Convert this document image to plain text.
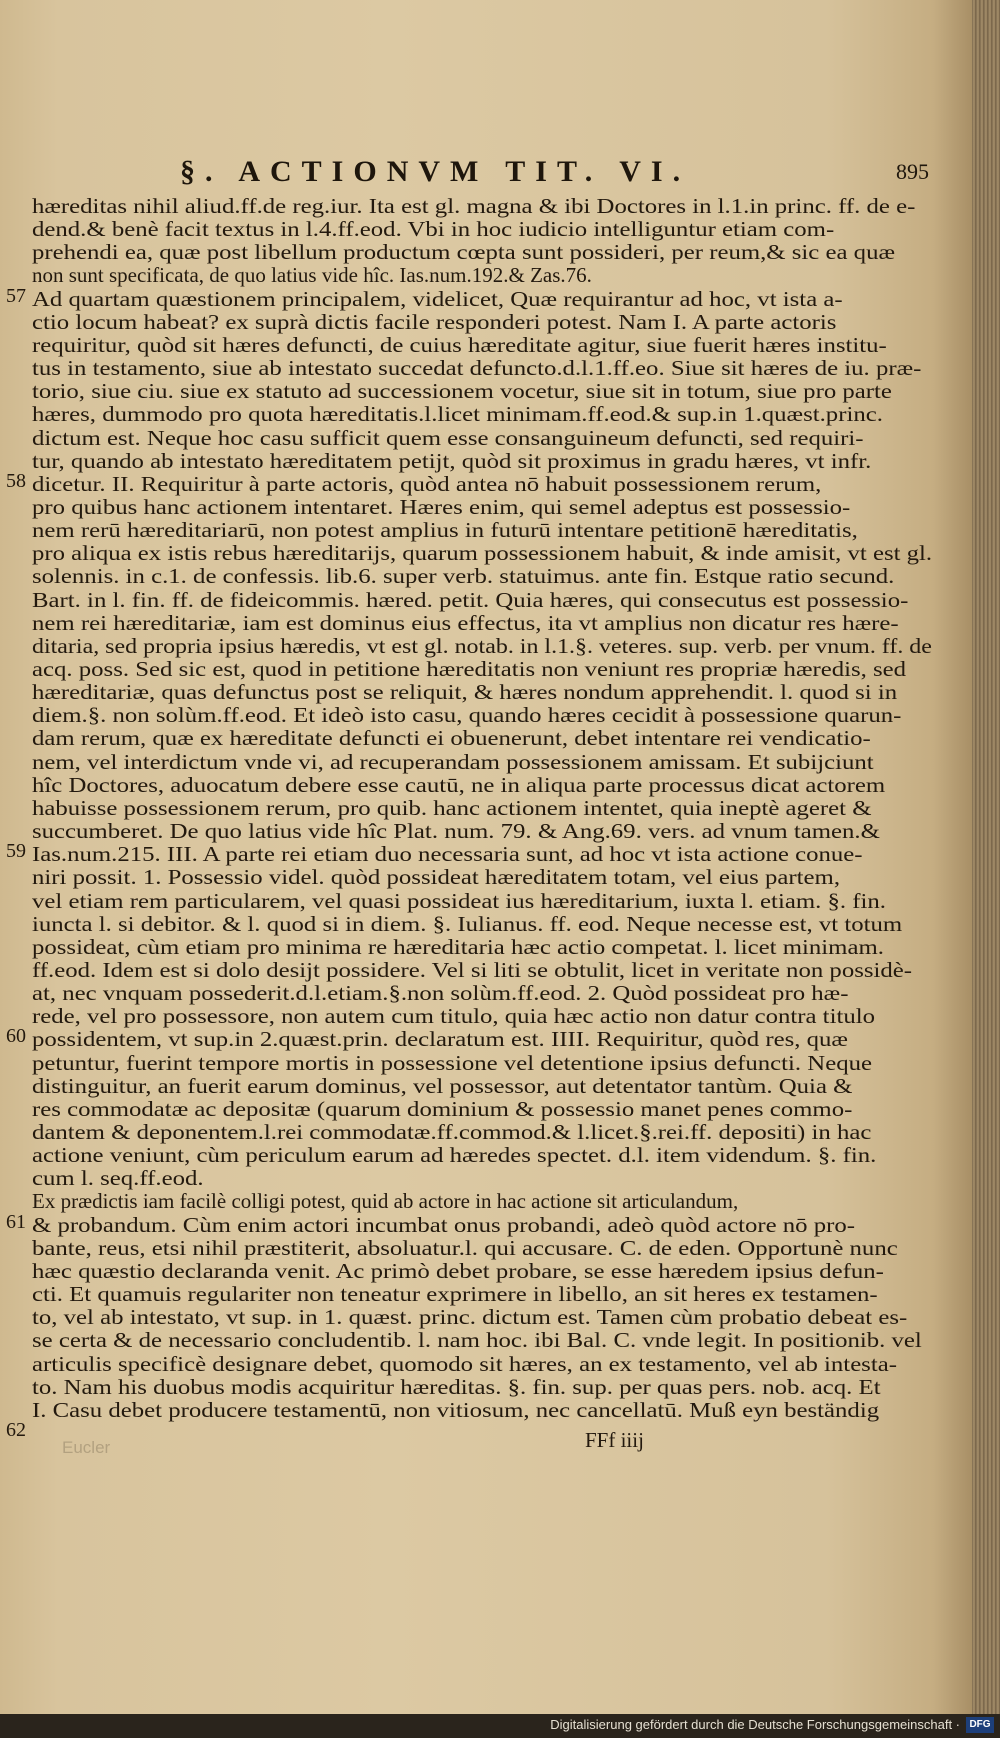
§. ACTIONVM TIT. VI.	895
hæreditas nihil aliud.ff.de reg.iur. Ita est gl. magna & ibi Doctores in l.1.in princ. ff. de e-
dend.& benè facit textus in l.4.ff.eod. Vbi in hoc iudicio intelliguntur etiam com-
prehendi ea, quæ post libellum productum cœpta sunt possideri, per reum,& sic ea quæ
non sunt specificata, de quo latius vide hîc. Ias.num.192.& Zas.76.
Ad quartam quæstionem principalem, videlicet, Quæ requirantur ad hoc, vt ista a-
ctio locum habeat? ex suprà dictis facile responderi potest. Nam I. A parte actoris
requiritur, quòd sit hæres defuncti, de cuius hæreditate agitur, siue fuerit hæres institu-
tus in testamento, siue ab intestato succedat defuncto.d.l.1.ff.eo. Siue sit hæres de iu. præ-
torio, siue ciu. siue ex statuto ad successionem vocetur, siue sit in totum, siue pro parte
hæres, dummodo pro quota hæreditatis.l.licet minimam.ff.eod.& sup.in 1.quæst.princ.
dictum est. Neque hoc casu sufficit quem esse consanguineum defuncti, sed requiri-
tur, quando ab intestato hæreditatem petijt, quòd sit proximus in gradu hæres, vt infr.
dicetur. II. Requiritur à parte actoris, quòd antea nō habuit possessionem rerum,
pro quibus hanc actionem intentaret. Hæres enim, qui semel adeptus est possessio-
nem rerū hæreditariarū, non potest amplius in futurū intentare petitionē hæreditatis,
pro aliqua ex istis rebus hæreditarijs, quarum possessionem habuit, & inde amisit, vt est gl.
solennis. in c.1. de confessis. lib.6. super verb. statuimus. ante fin. Estque ratio secund.
Bart. in l. fin. ff. de fideicommis. hæred. petit. Quia hæres, qui consecutus est possessio-
nem rei hæreditariæ, iam est dominus eius effectus, ita vt amplius non dicatur res hære-
ditaria, sed propria ipsius hæredis, vt est gl. notab. in l.1.§. veteres. sup. verb. per vnum. ff. de
acq. poss. Sed sic est, quod in petitione hæreditatis non veniunt res propriæ hæredis, sed
hæreditariæ, quas defunctus post se reliquit, & hæres nondum apprehendit. l. quod si in
diem.§. non solùm.ff.eod. Et ideò isto casu, quando hæres cecidit à possessione quarun-
dam rerum, quæ ex hæreditate defuncti ei obuenerunt, debet intentare rei vendicatio-
nem, vel interdictum vnde vi, ad recuperandam possessionem amissam. Et subijciunt
hîc Doctores, aduocatum debere esse cautū, ne in aliqua parte processus dicat actorem
habuisse possessionem rerum, pro quib. hanc actionem intentet, quia ineptè ageret &
succumberet. De quo latius vide hîc Plat. num. 79. & Ang.69. vers. ad vnum tamen.&
Ias.num.215. III. A parte rei etiam duo necessaria sunt, ad hoc vt ista actione conue-
niri possit. 1. Possessio videl. quòd possideat hæreditatem totam, vel eius partem,
vel etiam rem particularem, vel quasi possideat ius hæreditarium, iuxta l. etiam. §. fin.
iuncta l. si debitor. & l. quod si in diem. §. Iulianus. ff. eod. Neque necesse est, vt totum
possideat, cùm etiam pro minima re hæreditaria hæc actio competat. l. licet minimam.
ff.eod. Idem est si dolo desijt possidere. Vel si liti se obtulit, licet in veritate non possidè-
at, nec vnquam possederit.d.l.etiam.§.non solùm.ff.eod. 2. Quòd possideat pro hæ-
rede, vel pro possessore, non autem cum titulo, quia hæc actio non datur contra titulo
possidentem, vt sup.in 2.quæst.prin. declaratum est. IIII. Requiritur, quòd res, quæ
petuntur, fuerint tempore mortis in possessione vel detentione ipsius defuncti. Neque
distinguitur, an fuerit earum dominus, vel possessor, aut detentator tantùm. Quia &
res commodatæ ac depositæ (quarum dominium & possessio manet penes commo-
dantem & deponentem.l.rei commodatæ.ff.commod.& l.licet.§.rei.ff. depositi) in hac
actione veniunt, cùm periculum earum ad hæredes spectet. d.l. item videndum. §. fin.
cum l. seq.ff.eod.
Ex prædictis iam facilè colligi potest, quid ab actore in hac actione sit articulandum,
& probandum. Cùm enim actori incumbat onus probandi, adeò quòd actore nō pro-
bante, reus, etsi nihil præstiterit, absoluatur.l. qui accusare. C. de eden. Opportunè nunc
hæc quæstio declaranda venit. Ac primò debet probare, se esse hæredem ipsius defun-
cti. Et quamuis regulariter non teneatur exprimere in libello, an sit heres ex testamen-
to, vel ab intestato, vt sup. in 1. quæst. princ. dictum est. Tamen cùm probatio debeat es-
se certa & de necessario concludentib. l. nam hoc. ibi Bal. C. vnde legit. In positionib. vel
articulis specificè designare debet, quomodo sit hæres, an ex testamento, vel ab intesta-
to. Nam his duobus modis acquiritur hæreditas. §. fin. sup. per quas pers. nob. acq. Et
I. Casu debet producere testamentū, non vitiosum, nec cancellatū. Muß eyn beständig
57
58
59
60
61
62
Eucler	FFf iiij
Digitalisierung gefördert durch die Deutsche Forschungsgemeinschaft · DFG
